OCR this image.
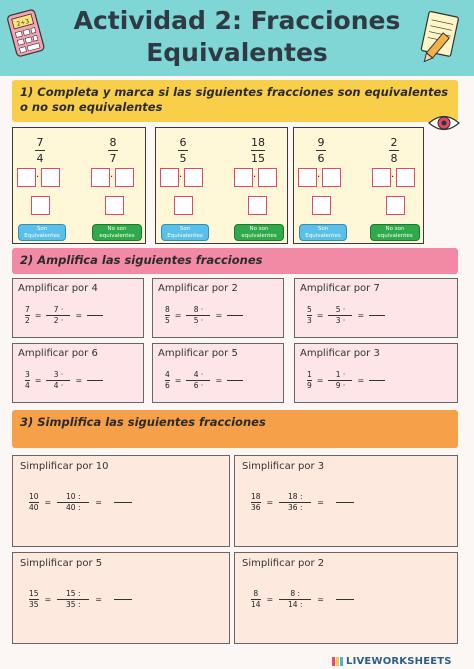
Actividad 2: Fracciones
Equivalentes
2+3
1) Completa y marca si las siguientes fracciones son equivalentes o no son equivalentes
2) Amplifica las siguientes fracciones
3) Simplifica las siguientes fracciones
LIVEWORKSHEETS
7
4
8
7
·	·
Son Equivalentes
No son equivalentes
6
5
18
15
·	·
Son Equivalentes
No son equivalentes
9
6
2
8
·	·
Son Equivalentes
No son equivalentes
Amplificar por 4
7
2
=
7 ·
2 ·
=
Amplificar por 2
8
5
=
8 ·
5 ·
=
Amplificar por 7
5
3
=
5 ·
3 ·
=
Amplificar por 6
3
4
=
3 ·
4 ·
=
Amplificar por 5
4
6
=
4 ·
6 ·
=
Amplificar por 3
1
9
=
1 ·
9 ·
=
Simplificar por 10
10
40
=
10 :
40 :
=
Simplificar por 3
18
36
=
18 :
36 :
=
Simplificar por 5
15
35
=
15 :
35 :
=
Simplificar por 2
8
14
=
8 :
14 :
=
